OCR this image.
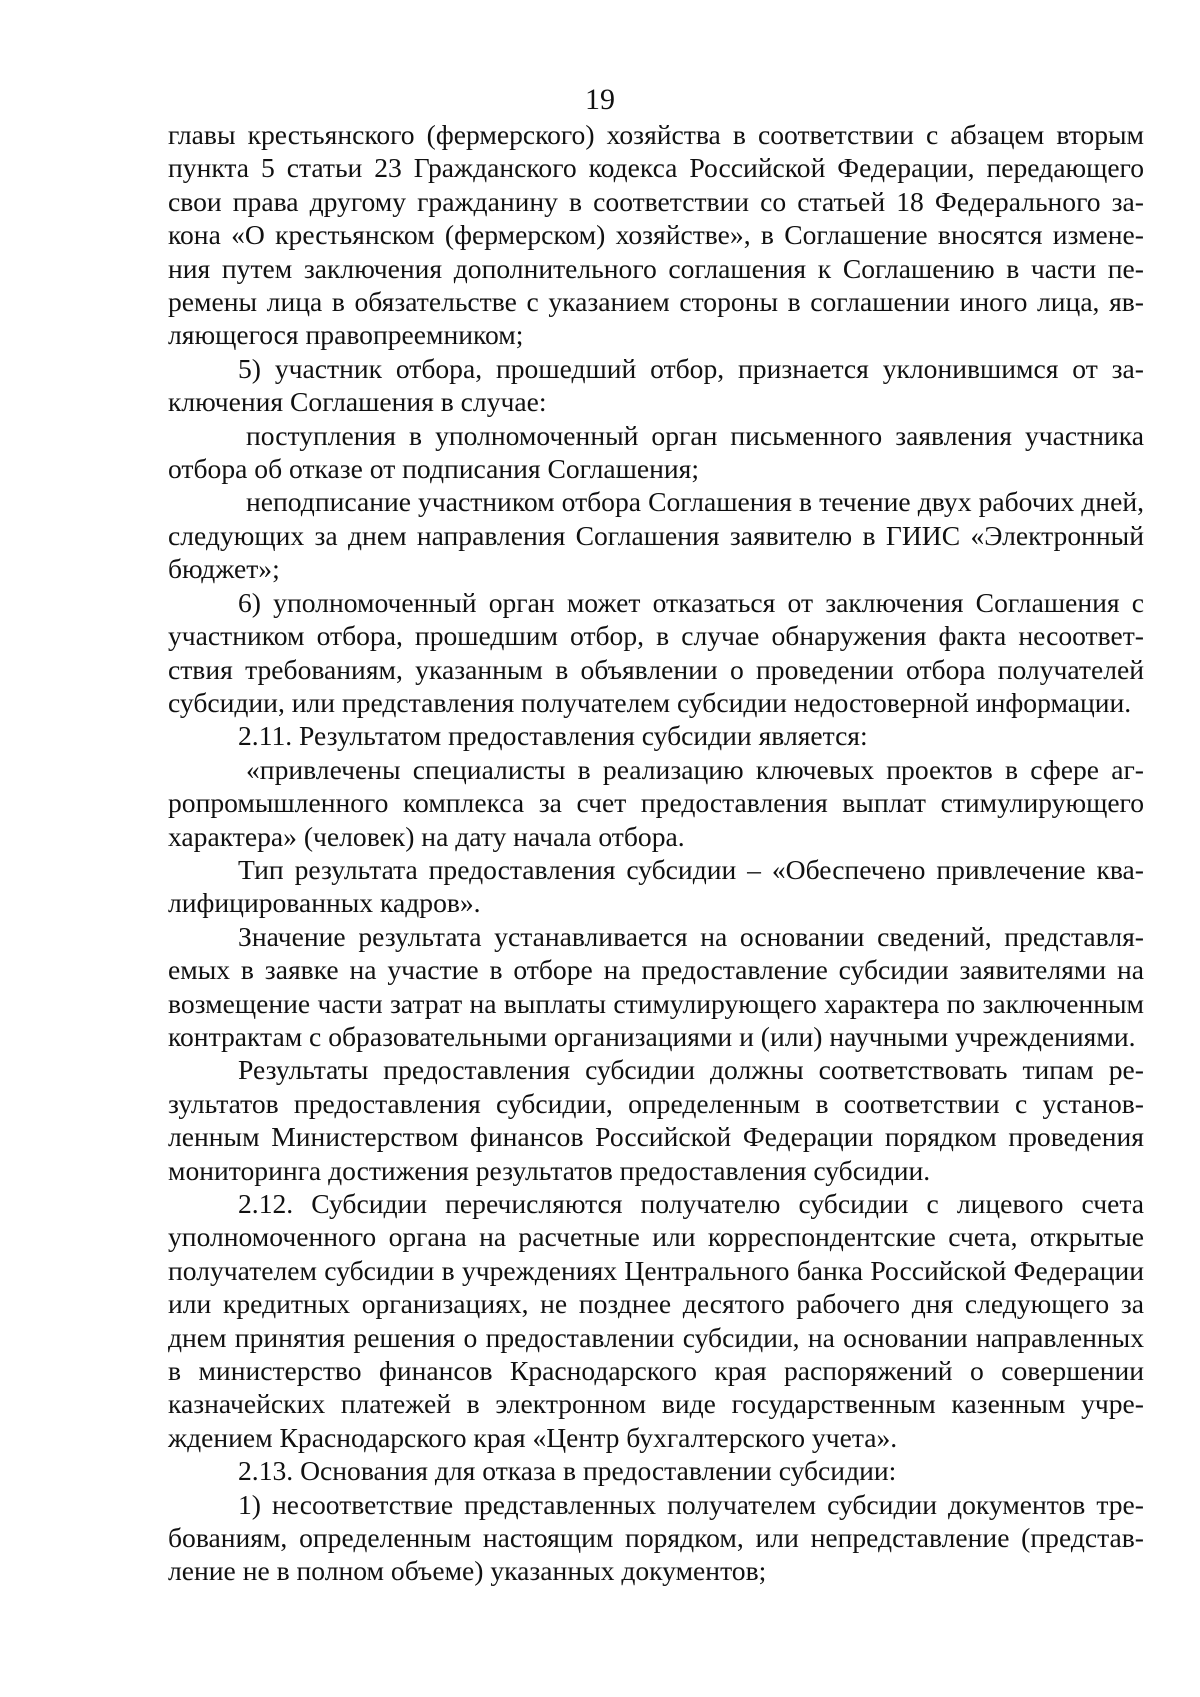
19

главы крестьянского (фермерского) хозяйства в соответствии с абзацем вторым пункта 5 статьи 23 Гражданского кодекса Российской Федерации, передающего свои права другому гражданину в соответствии со статьей 18 Федерального закона «О крестьянском (фермерском) хозяйстве», в Соглашение вносятся изменения путем заключения дополнительного соглашения к Соглашению в части перемены лица в обязательстве с указанием стороны в соглашении иного лица, являющегося правопреемником;

5) участник отбора, прошедший отбор, признается уклонившимся от заключения Соглашения в случае:

поступления в уполномоченный орган письменного заявления участника отбора об отказе от подписания Соглашения;

неподписание участником отбора Соглашения в течение двух рабочих дней, следующих за днем направления Соглашения заявителю в ГИИС «Электронный бюджет»;

6) уполномоченный орган может отказаться от заключения Соглашения с участником отбора, прошедшим отбор, в случае обнаружения факта несоответствия требованиям, указанным в объявлении о проведении отбора получателей субсидии, или представления получателем субсидии недостоверной информации.

2.11. Результатом предоставления субсидии является:

«привлечены специалисты в реализацию ключевых проектов в сфере агропромышленного комплекса за счет предоставления выплат стимулирующего характера» (человек) на дату начала отбора.

Тип результата предоставления субсидии – «Обеспечено привлечение квалифицированных кадров».

Значение результата устанавливается на основании сведений, представляемых в заявке на участие в отборе на предоставление субсидии заявителями на возмещение части затрат на выплаты стимулирующего характера по заключенным контрактам с образовательными организациями и (или) научными учреждениями.

Результаты предоставления субсидии должны соответствовать типам результатов предоставления субсидии, определенным в соответствии с установленным Министерством финансов Российской Федерации порядком проведения мониторинга достижения результатов предоставления субсидии.

2.12. Субсидии перечисляются получателю субсидии с лицевого счета уполномоченного органа на расчетные или корреспондентские счета, открытые получателем субсидии в учреждениях Центрального банка Российской Федерации или кредитных организациях, не позднее десятого рабочего дня следующего за днем принятия решения о предоставлении субсидии, на основании направленных в министерство финансов Краснодарского края распоряжений о совершении казначейских платежей в электронном виде государственным казенным учреждением Краснодарского края «Центр бухгалтерского учета».

2.13. Основания для отказа в предоставлении субсидии:

1) несоответствие представленных получателем субсидии документов требованиям, определенным настоящим порядком, или непредставление (представление не в полном объеме) указанных документов;
